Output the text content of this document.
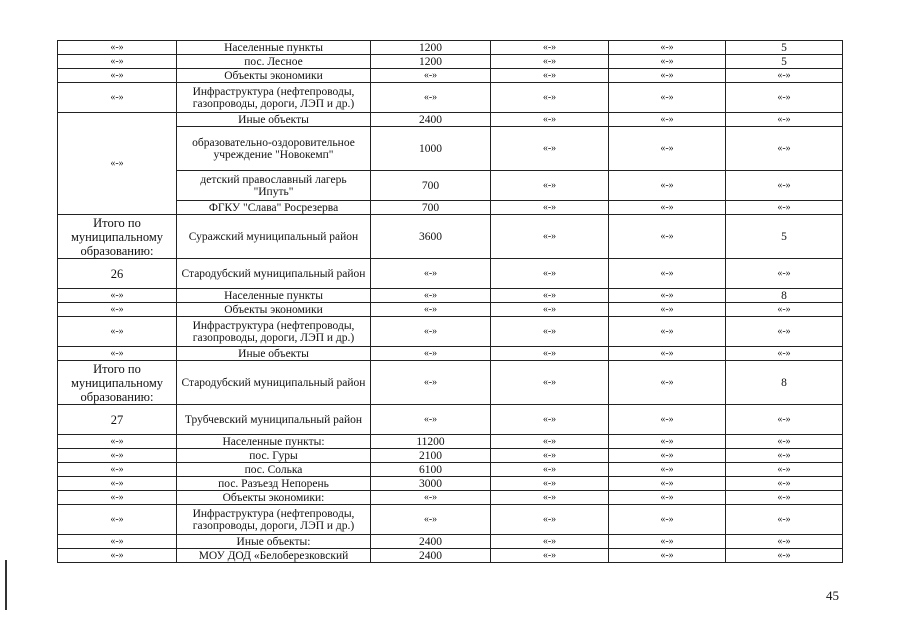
«-»	Населенные пункты	1200	«-»	«-»	5
«-»	пос. Лесное	1200	«-»	«-»	5
«-»	Объекты экономики	«-»	«-»	«-»	«-»
«-»	Инфраструктура (нефтепроводы, газопроводы, дороги, ЛЭП и др.)	«-»	«-»	«-»	«-»
«-»	Иные объекты	2400	«-»	«-»	«-»
	образовательно-оздоровительное учреждение "Новокемп"	1000	«-»	«-»	«-»
	детский православный лагерь "Ипуть"	700	«-»	«-»	«-»
	ФГКУ "Слава" Росрезерва	700	«-»	«-»	«-»
Итого по муниципальному образованию:	Суражский муниципальный район	3600	«-»	«-»	5
26	Стародубский муниципальный район	«-»	«-»	«-»	«-»
«-»	Населенные пункты	«-»	«-»	«-»	8
«-»	Объекты экономики	«-»	«-»	«-»	«-»
«-»	Инфраструктура (нефтепроводы, газопроводы, дороги, ЛЭП и др.)	«-»	«-»	«-»	«-»
«-»	Иные объекты	«-»	«-»	«-»	«-»
Итого по муниципальному образованию:	Стародубский муниципальный район	«-»	«-»	«-»	8
27	Трубчевский муниципальный район	«-»	«-»	«-»	«-»
«-»	Населенные пункты:	11200	«-»	«-»	«-»
«-»	пос. Гуры	2100	«-»	«-»	«-»
«-»	пос. Солька	6100	«-»	«-»	«-»
«-»	пос. Разъезд Непорень	3000	«-»	«-»	«-»
«-»	Объекты экономики:	«-»	«-»	«-»	«-»
«-»	Инфраструктура (нефтепроводы, газопроводы, дороги, ЛЭП и др.)	«-»	«-»	«-»	«-»
«-»	Иные объекты:	2400	«-»	«-»	«-»
«-»	МОУ ДОД «Белоберезковский	2400	«-»	«-»	«-»
45
